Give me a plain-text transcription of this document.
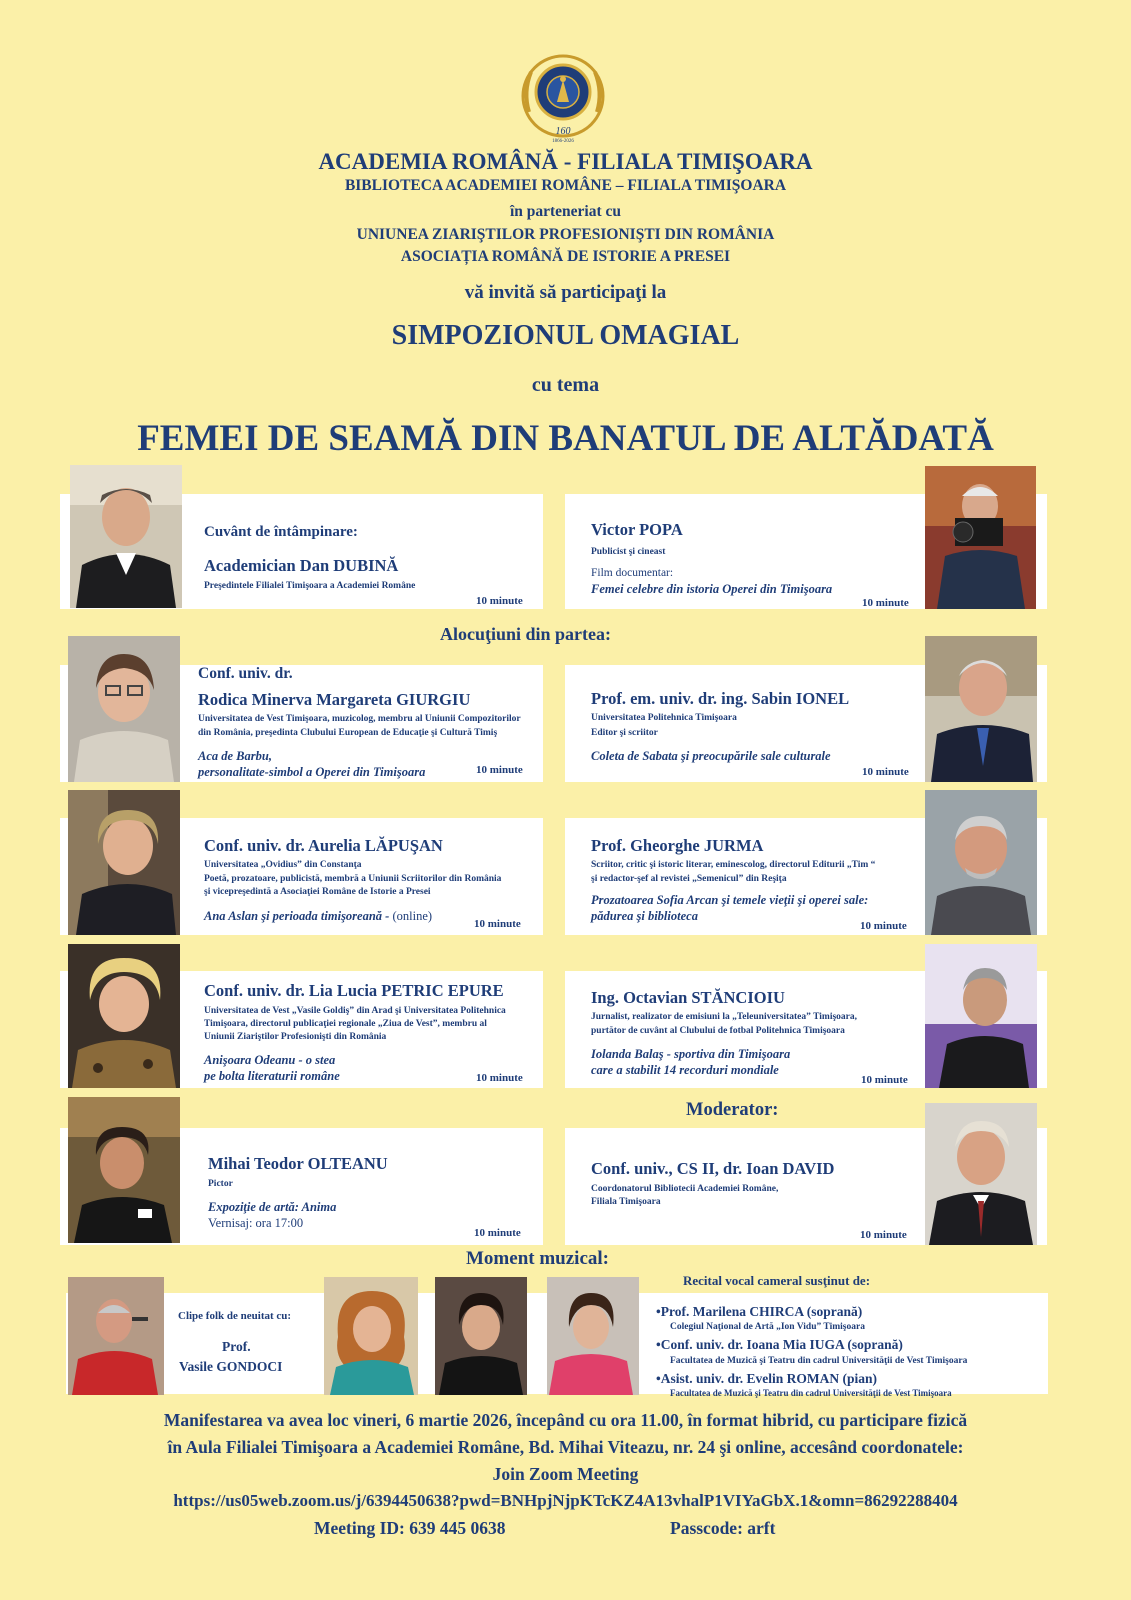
160
1866-2026
ACADEMIA ROMÂNĂ - FILIALA TIMIŞOARA
BIBLIOTECA ACADEMIEI ROMÂNE – FILIALA TIMIŞOARA
în parteneriat cu
UNIUNEA ZIARIŞTILOR PROFESIONIŞTI DIN ROMÂNIA
ASOCIAȚIA ROMÂNĂ DE ISTORIE A PRESEI
vă invită să participaţi la
SIMPOZIONUL OMAGIAL
cu tema
FEMEI DE SEAMĂ DIN BANATUL DE ALTĂDATĂ
Cuvânt de întâmpinare:
Academician Dan DUBINĂ
Preşedintele Filialei Timişoara a Academiei Române
10 minute
Victor POPA
Publicist şi cineast
Film documentar:
Femei celebre din istoria Operei din Timişoara
10 minute
Alocuţiuni din partea:
Conf. univ. dr.
Rodica Minerva Margareta GIURGIU
Universitatea de Vest Timişoara, muzicolog, membru al Uniunii Compozitorilor
din România, preşedinta Clubului European de Educaţie şi Cultură Timiş
Aca de Barbu,
personalitate-simbol a Operei din Timişoara	10 minute
Prof. em. univ. dr. ing. Sabin IONEL
Universitatea Politehnica Timişoara
Editor şi scriitor
Coleta de Sabata şi preocupările sale culturale
10 minute
Conf. univ. dr. Aurelia LĂPUŞAN
Universitatea „Ovidius” din Constanţa
Poetă, prozatoare, publicistă, membră a Uniunii Scriitorilor din România
şi vicepreşedintă a Asociaţiei Române de Istorie a Presei
Ana Aslan şi perioada timişoreană - (online)
10 minute
Prof. Gheorghe JURMA
Scriitor, critic şi istoric literar, eminescolog, directorul Editurii „Tim “
şi redactor-şef al revistei „Semenicul” din Reşiţa
Prozatoarea Sofia Arcan şi temele vieţii şi operei sale:
pădurea şi biblioteca
10 minute
Conf. univ. dr. Lia Lucia PETRIC EPURE
Universitatea de Vest „Vasile Goldiş” din Arad şi Universitatea Politehnica
Timişoara, directorul publicaţiei regionale „Ziua de Vest”, membru al
Uniunii Ziariştilor Profesionişti din România
Anişoara Odeanu - o stea
pe bolta literaturii române	10 minute
Ing. Octavian STĂNCIOIU
Jurnalist, realizator de emisiuni la „Teleuniversitatea” Timişoara,
purtător de cuvânt al Clubului de fotbal Politehnica Timişoara
Iolanda Balaş - sportiva din Timişoara
care a stabilit 14 recorduri mondiale
10 minute
Moderator:
Mihai Teodor OLTEANU
Pictor
Expoziţie de artă: Anima
Vernisaj: ora 17:00
10 minute
Conf. univ., CS II, dr. Ioan DAVID
Coordonatorul Bibliotecii Academiei Române,
Filiala Timişoara
10 minute
Moment muzical:
Clipe folk de neuitat cu:
Prof.
Vasile GONDOCI
•Prof. Marilena CHIRCA (soprană)
Colegiul Naţional de Artă „Ion Vidu” Timişoara
•Conf. univ. dr. Ioana Mia IUGA (soprană)
Facultatea de Muzică şi Teatru din cadrul Universităţii de Vest Timişoara
•Asist. univ. dr. Evelin ROMAN (pian)
Facultatea de Muzică şi Teatru din cadrul Universităţii de Vest Timişoara
Recital vocal cameral susţinut de:
Manifestarea va avea loc vineri, 6 martie 2026, începând cu ora 11.00, în format hibrid, cu participare fizică
în Aula Filialei Timişoara a Academiei Române, Bd. Mihai Viteazu, nr. 24 şi online, accesând coordonatele:
Join Zoom Meeting
https://us05web.zoom.us/j/6394450638?pwd=BNHpjNjpKTcKZ4A13vhalP1VIYaGbX.1&omn=86292288404
Meeting ID: 639 445 0638	Passcode: arft
